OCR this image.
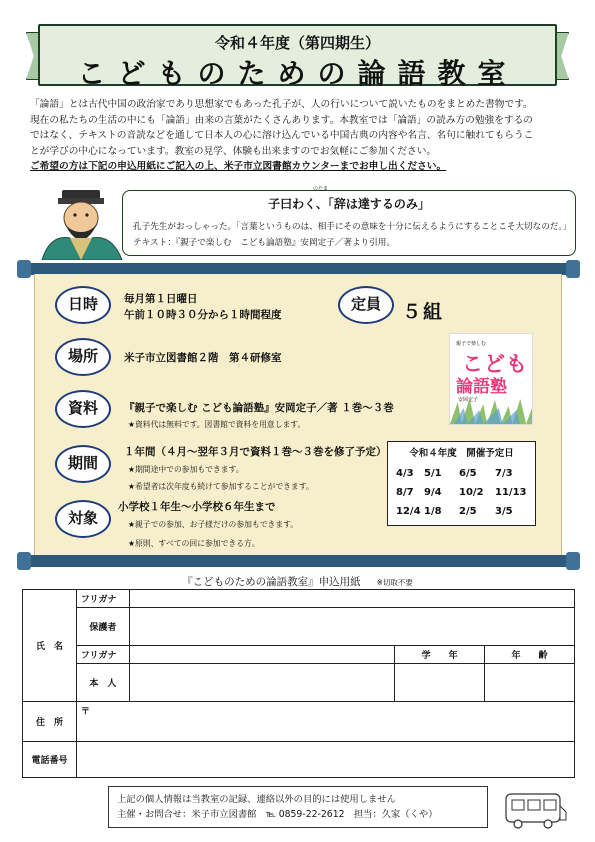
令和４年度（第四期生）
こどものための論語教室

「論語」とは古代中国の政治家であり思想家でもあった孔子が、人の行いについて説いたものをまとめた書物です。

現在の私たちの生活の中にも「論語」由来の言葉がたくさんあります。本教室では「論語」の読み方の勉強をするの

ではなく、テキストの音読などを通して日本人の心に溶け込んでいる中国古典の内容や名言、名句に触れてもらうこ

とが学びの中心になっています。教室の見学、体験も出来ますのでお気軽にご参加ください。

ご希望の方は下記の申込用紙にご記入の上、米子市立図書館カウンターまでお申し出ください。

のたま
子曰わく、「辞は達するのみ」
孔子先生がおっしゃった。「言葉というものは、相手にその意味を十分に伝えるようにすることこそ大切なのだ。」
テキスト：『親子で楽しむ　こども論語塾』安岡定子／著より引用。
日時	毎月第１日曜日
午前１０時３０分から１時間程度
定員	５組
場所	米子市立図書館２階　第４研修室
親子で楽しむ
こども
論語塾
安岡定子
資料	『親子で楽しむ こども論語塾』安岡定子／著 １巻～３巻
★資料代は無料です。図書館で資料を用意します。
期間
１年間（４月～翌年３月で資料１巻～３巻を修了予定）
★期間途中での参加もできます。
★希望者は次年度も続けて参加することができます。
対象
小学校１年生～小学校６年生まで
★親子での参加、お子様だけの参加もできます。
★原則、すべての回に参加できる方。
令和４年度　開催予定日
4/3	5/1	6/5	7/3
8/7	9/4	10/2	11/13
12/4 1/8	2/5	3/5
『こどものための論語教室』申込用紙 ※切取不要
氏　名	フリガナ			
	保護者			
	フリガナ		学　　年	年　　齢
	本　人			
住　所	〒			
電話番号				

上記の個人情報は当教室の記録、連絡以外の目的には使用しません

主催・お問合せ：米子市立図書館　℡ 0859-22-2612　担当：久家（くや）
